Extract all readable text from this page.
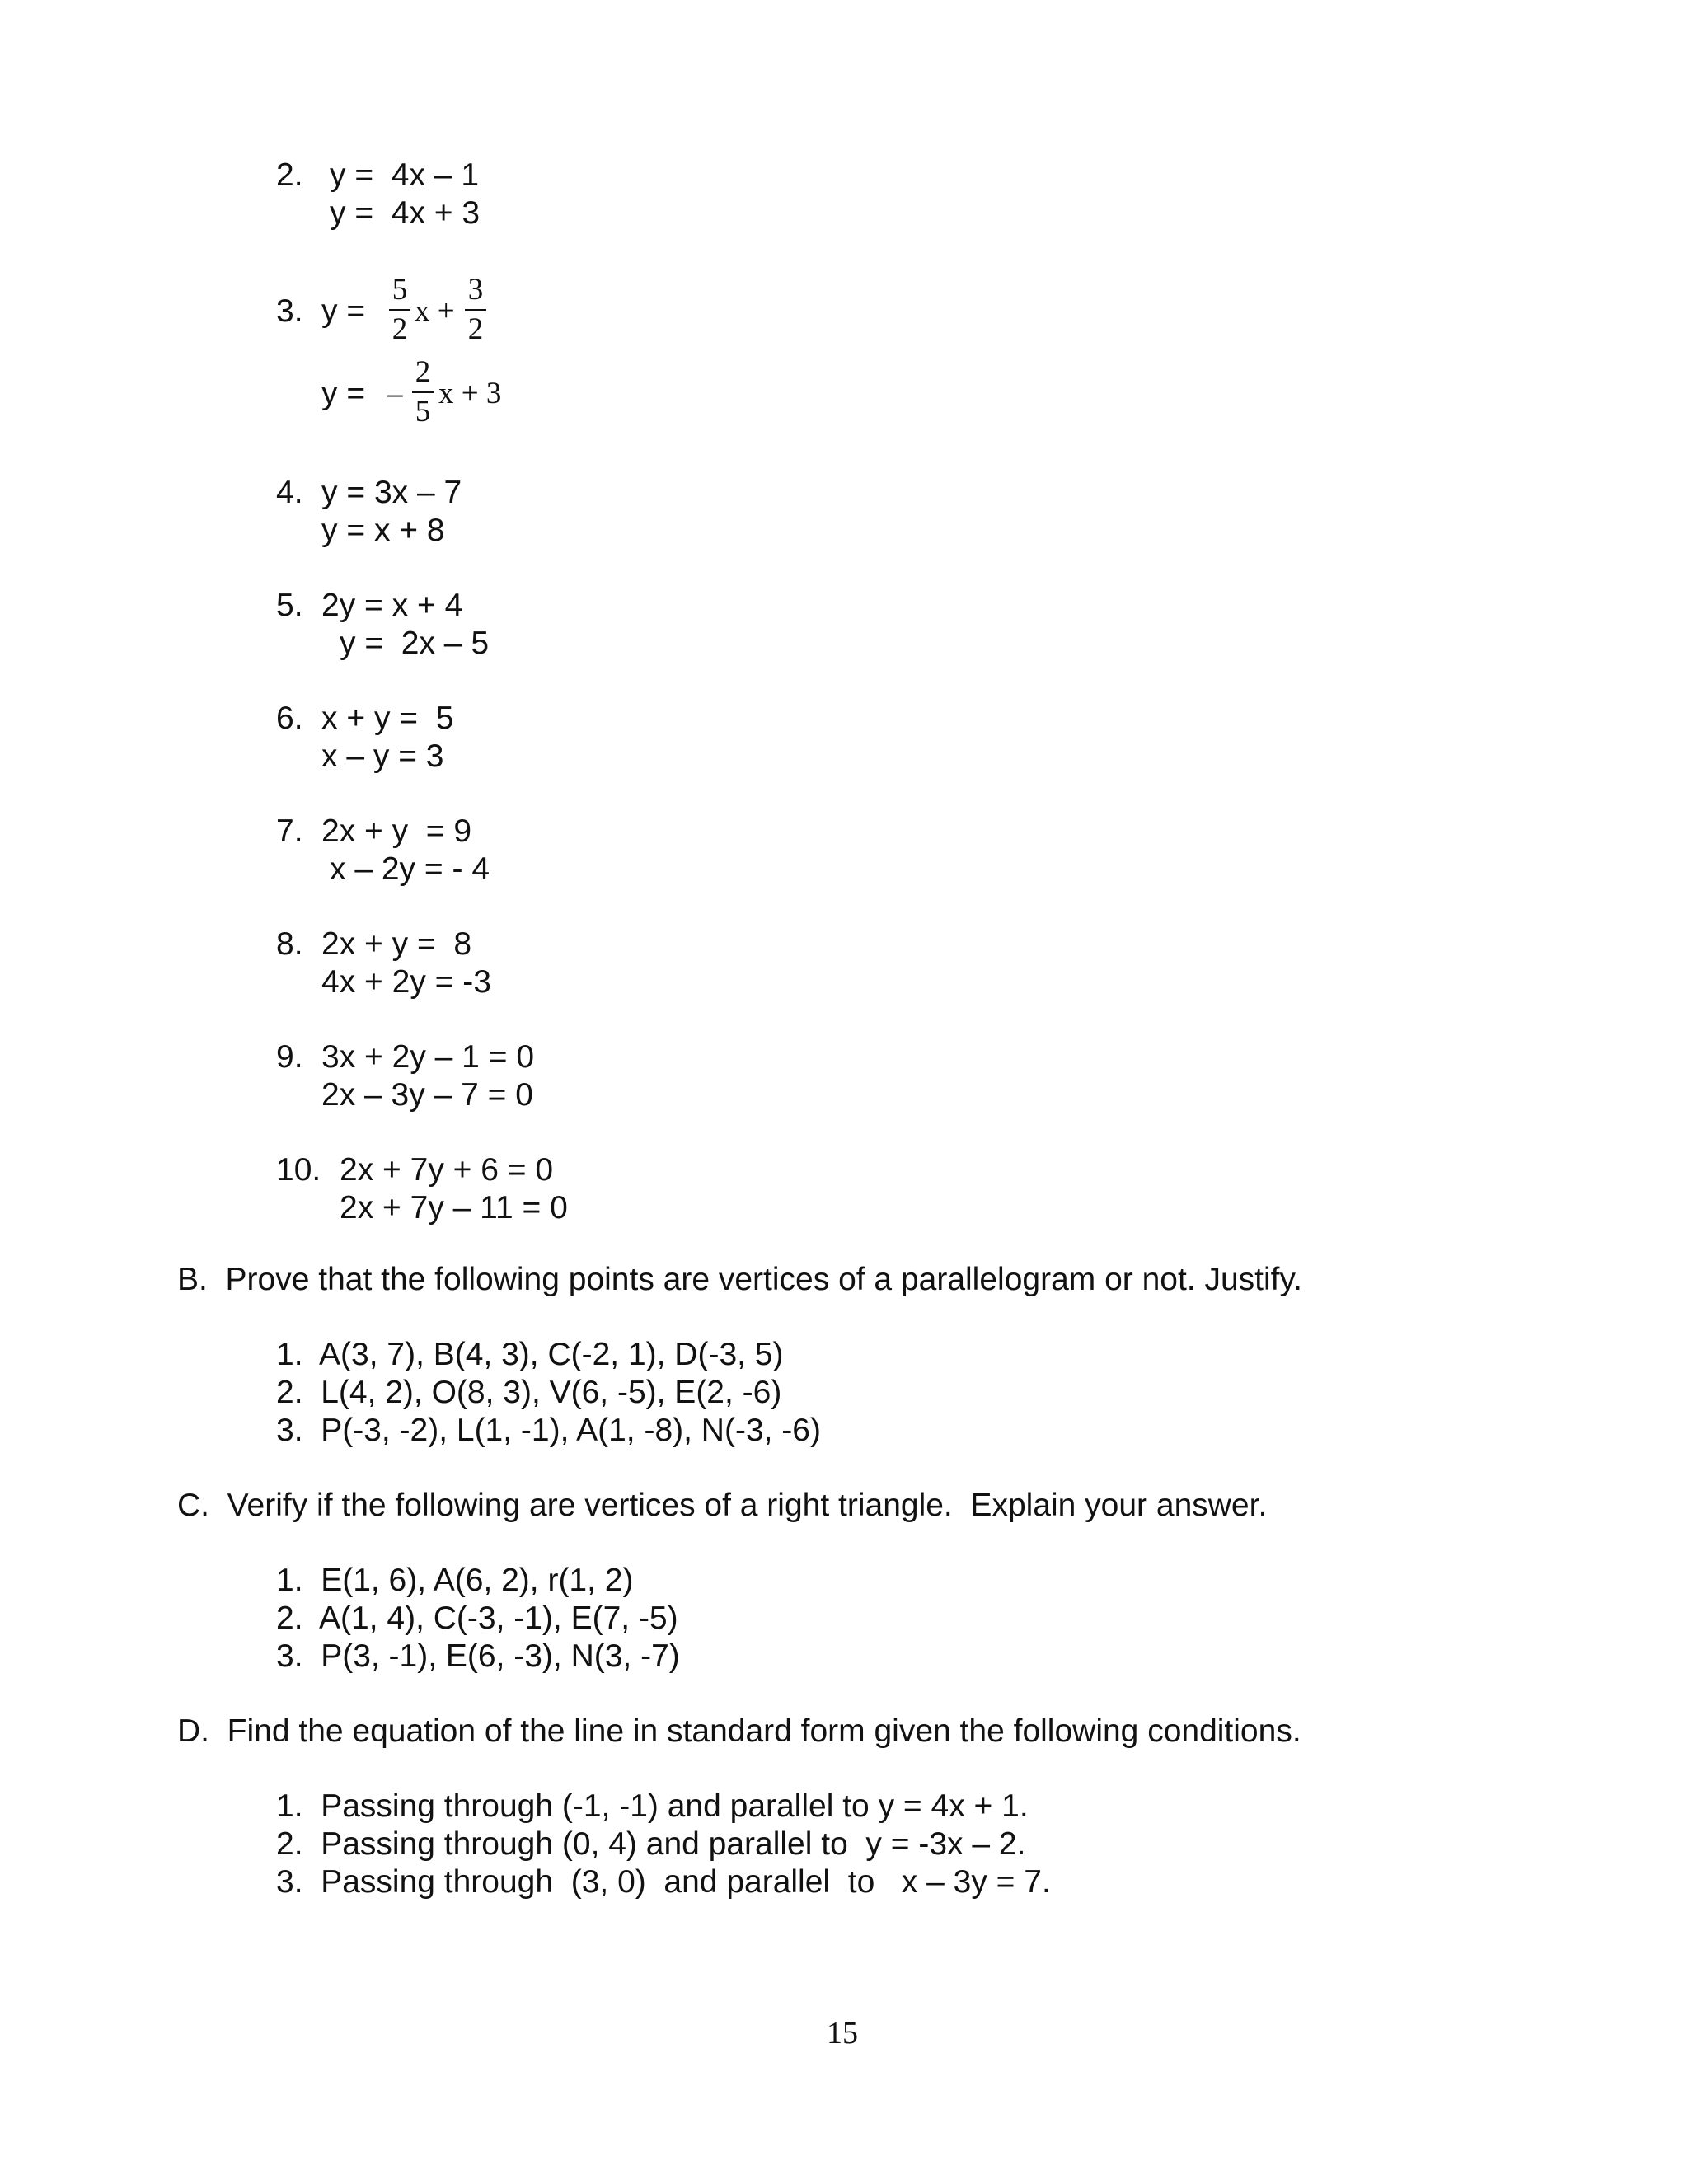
2. y =  4x – 1
y =  4x + 3
3. y =
5
2
x +
3
2
y = –
2
5
x + 3
4. y = 3x – 7
y = x + 8
5. 2y = x + 4
y =  2x – 5
6. x + y =  5
x – y = 3
7. 2x + y  = 9
x – 2y = - 4
8. 2x + y =  8
4x + 2y = -3
9. 3x + 2y – 1 = 0
2x – 3y – 7 = 0
10. 2x + 7y + 6 = 0
2x + 7y – 11 = 0
B.  Prove that the following points are vertices of a parallelogram or not. Justify.
1.  A(3, 7), B(4, 3), C(-2, 1), D(-3, 5)
2.  L(4, 2), O(8, 3), V(6, -5), E(2, -6)
3.  P(-3, -2), L(1, -1), A(1, -8), N(-3, -6)
C.  Verify if the following are vertices of a right triangle.  Explain your answer.
1.  E(1, 6), A(6, 2), r(1, 2)
2.  A(1, 4), C(-3, -1), E(7, -5)
3.  P(3, -1), E(6, -3), N(3, -7)
D.  Find the equation of the line in standard form given the following conditions.
1.  Passing through (-1, -1) and parallel to y = 4x + 1.
2.  Passing through (0, 4) and parallel to  y = -3x – 2.
3.  Passing through  (3, 0)  and parallel  to   x – 3y = 7.
15
